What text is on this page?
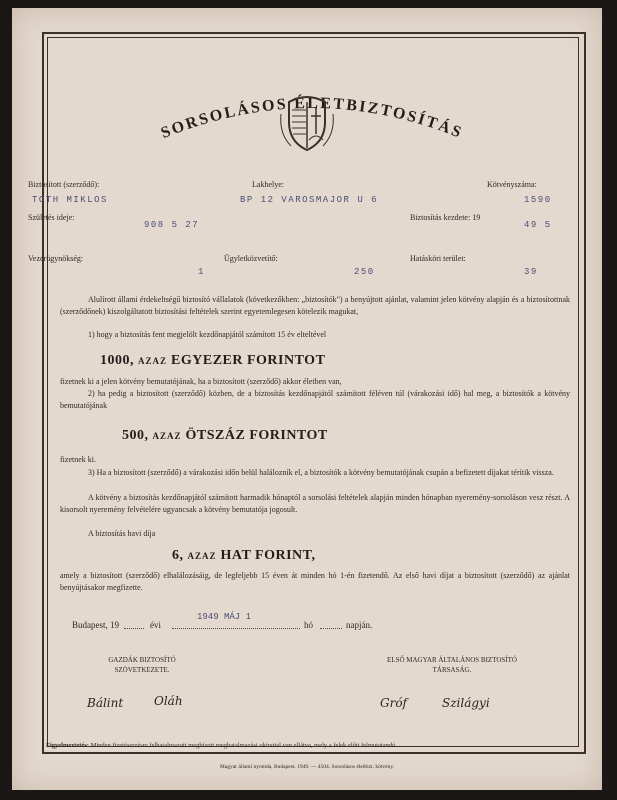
SORSOLÁSOS ÉLETBIZTOSÍTÁS
Biztosított (szerződő):	Lakhelye:	Kötvényszáma:
TOTH MIKLOS	BP 12 VAROSMAJOR U 6	1590
Születés ideje:
908 5 27
Biztosítás kezdete: 19
49 5
Vezérügynökség:	Ügyletközvetítő:	Hatásköri terület:
1	250	39
Alulírott állami érdekeltségű biztosító vállalatok (következőkben: „biztosítók") a benyújtott ajánlat, valamint jelen kötvény alapján és a biztosítottnak (szerződőnek) kiszolgáltatott biztosítási feltételek szerint egyetemlegesen kötelezik magukat,
1) hogy a biztosítás fent megjelölt kezdőnapjától számított 15 év elteltével
1000, AZAZ EGYEZER FORINTOT
fizetnek ki a jelen kötvény bemutatójának, ha a biztosított (szerződő) akkor életben van,
2) ha pedig a biztosított (szerződő) közben, de a biztosítás kezdőnapjától számított féléven túl (várakozási idő) hal meg, a biztosítók a kötvény bemutatójának
500, AZAZ ÖTSZÁZ FORINTOT
fizetnek ki.
3) Ha a biztosított (szerződő) a várakozási időn belül halálozník el, a biztosítók a kötvény bemutatójának csupán a befizetett díjakat térítik vissza.
A kötvény a biztosítás kezdőnapjától számított harmadik hónaptól a sorsolási feltételek alapján minden hónapban nyeremény-sorsoláson vesz részt. A kisorsolt nyeremény felvételére ugyancsak a kötvény bemutatója jogosult.
A biztosítás havi díja
6, AZAZ HAT FORINT,
amely a biztosított (szerződő) elhalálozásáig, de legfeljebb 15 éven át minden hó 1-én fizetendő. Az első havi díjat a biztosított (szerződő) az ajánlat benyújtásakor megfizette.
Budapest, 19	évi
1949 MÁJ 1
hó	napján.
GAZDÁK BIZTOSÍTÓ SZÖVETKEZETE.
ELSŐ MAGYAR ÁLTALÁNOS BIZTOSÍTÓ TÁRSASÁG.
Bálint	Oláh	Gróf	Szilágyi
Figyelmeztetés: Minden fizetéserzésre felhatalmazott megbízott meghatalmazási okirattal van ellátva, mely a felek előtt felmutatandó.
Magyar állami nyomda, Budapest. 1949. — 4504. Sorsolásos életbizt. kötvény.
